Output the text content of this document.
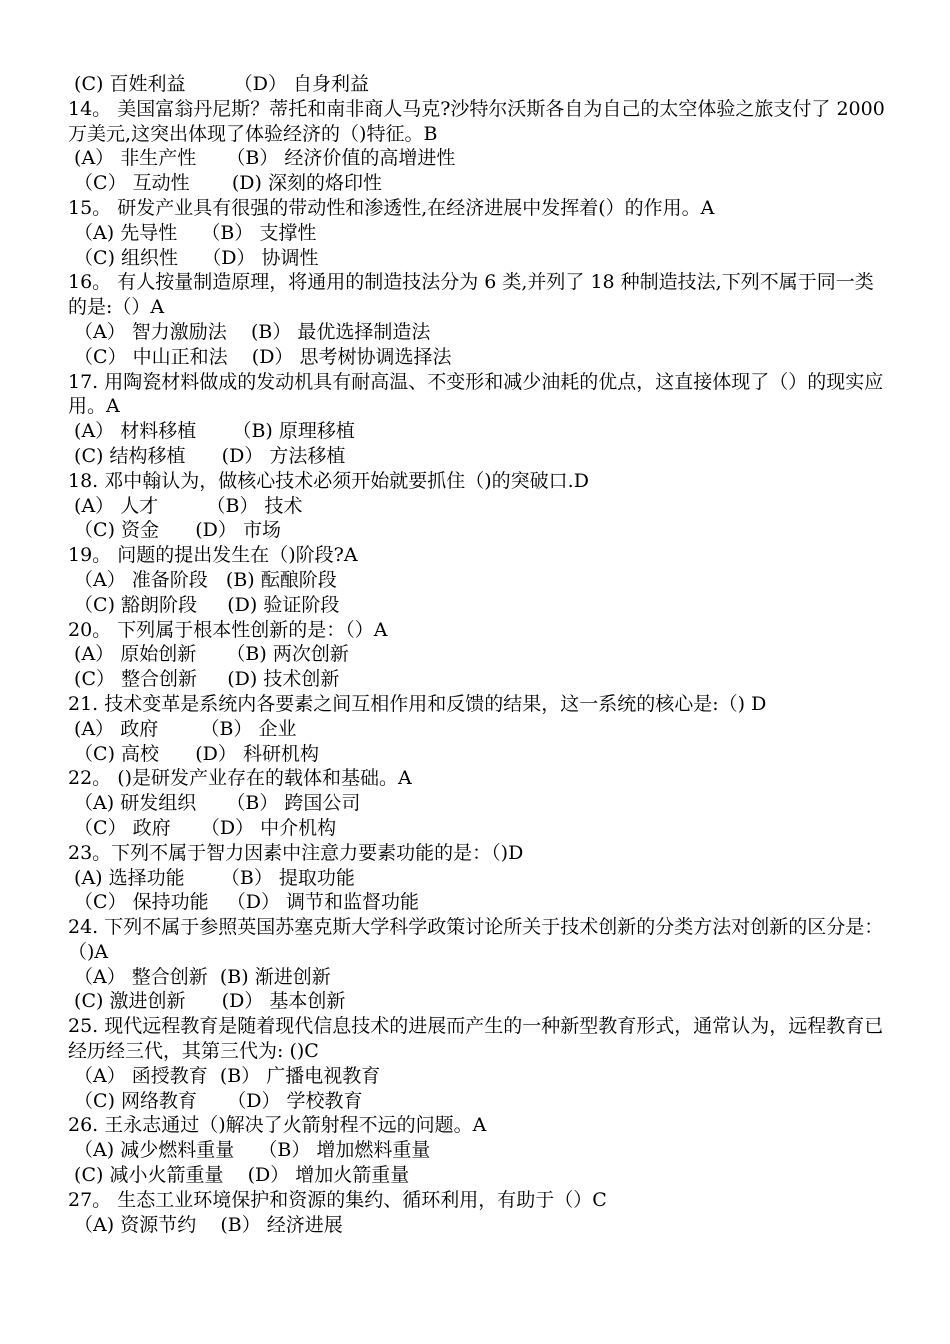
(C) 百姓利益        （D） 自身利益

14。 美国富翁丹尼斯？蒂托和南非商人马克?沙特尔沃斯各自为自己的太空体验之旅支付了 2000 万美元,这突出体现了体验经济的（)特征。B

(A） 非生产性     （B） 经济价值的高增进性

（C） 互动性       (D) 深刻的烙印性

15。 研发产业具有很强的带动性和渗透性,在经济进展中发挥着(）的作用。A

（A) 先导性    （B） 支撑性

（C) 组织性    （D） 协调性

16。 有人按量制造原理，将通用的制造技法分为 6 类,并列了 18 种制造技法,下列不属于同一类的是:（）A

（A） 智力激励法    (B） 最优选择制造法

（C） 中山正和法    (D） 思考树协调选择法

17. 用陶瓷材料做成的发动机具有耐高温、不变形和减少油耗的优点，这直接体现了（）的现实应用。A

(A） 材料移植      （B) 原理移植

(C) 结构移植      (D） 方法移植

18. 邓中翰认为，做核心技术必须开始就要抓住（)的突破口.D

(A） 人才        （B） 技术

（C) 资金      (D） 市场

19。 问题的提出发生在（)阶段?A

（A） 准备阶段   (B) 酝酿阶段

（C) 豁朗阶段     (D) 验证阶段

20。 下列属于根本性创新的是：（）A

(A） 原始创新     （B) 两次创新

(C） 整合创新     (D) 技术创新

21. 技术变革是系统内各要素之间互相作用和反馈的结果，这一系统的核心是:（) D

(A） 政府       （B） 企业

（C) 高校      (D） 科研机构

22。 ()是研发产业存在的载体和基础。A

（A) 研发组织     （B） 跨国公司

（C） 政府     （D） 中介机构

23。下列不属于智力因素中注意力要素功能的是：（)D

(A) 选择功能      （B） 提取功能

（C） 保持功能   （D） 调节和监督功能

24. 下列不属于参照英国苏塞克斯大学科学政策讨论所关于技术创新的分类方法对创新的区分是：（)A

（A） 整合创新  (B) 渐进创新

(C) 激进创新      (D） 基本创新

25. 现代远程教育是随着现代信息技术的进展而产生的一种新型教育形式，通常认为，远程教育已经历经三代，其第三代为: ()C

（A） 函授教育  (B） 广播电视教育

（C) 网络教育     （D） 学校教育

26. 王永志通过（)解决了火箭射程不远的问题。A

（A) 减少燃料重量    （B） 增加燃料重量

(C) 减小火箭重量    (D） 增加火箭重量

27。 生态工业环境保护和资源的集约、循环利用，有助于（）C

（A) 资源节约    (B） 经济进展
